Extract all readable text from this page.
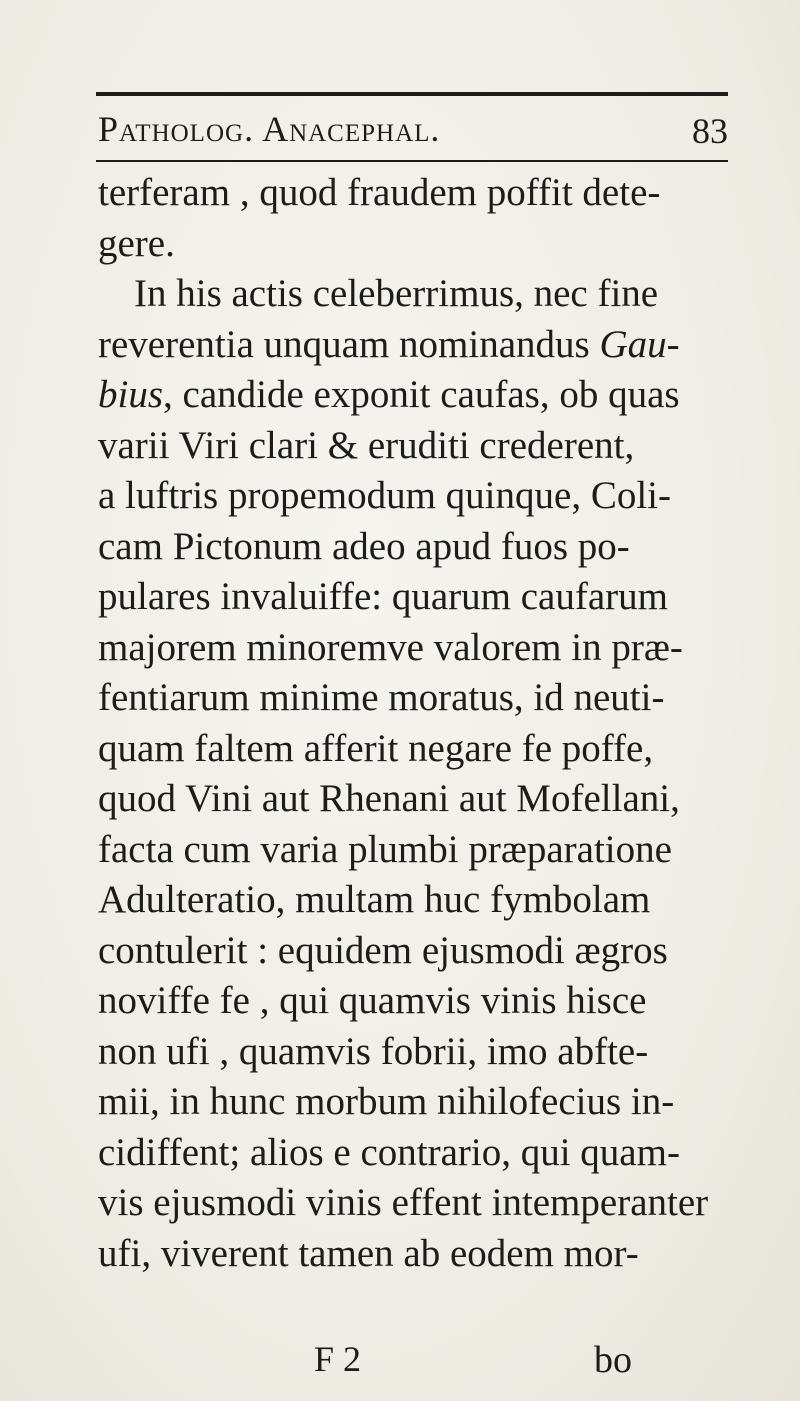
Patholog. Anacephal.	83
terferam , quod fraudem poffit dete-
gere.
In his actis celeberrimus, nec fine
reverentia unquam nominandus Gau-
bius, candide exponit caufas, ob quas
varii Viri clari & eruditi crederent,
a luftris propemodum quinque, Coli-
cam Pictonum adeo apud fuos po-
pulares invaluiffe: quarum caufarum
majorem minoremve valorem in præ-
fentiarum minime moratus, id neuti-
quam faltem afferit negare fe poffe,
quod Vini aut Rhenani aut Mofellani,
facta cum varia plumbi præparatione
Adulteratio, multam huc fymbolam
contulerit : equidem ejusmodi ægros
noviffe fe , qui quamvis vinis hisce
non ufi , quamvis fobrii, imo abfte-
mii, in hunc morbum nihilofecius in-
cidiffent; alios e contrario, qui quam-
vis ejusmodi vinis effent intemperanter
ufi, viverent tamen ab eodem mor-
F 2	bo
